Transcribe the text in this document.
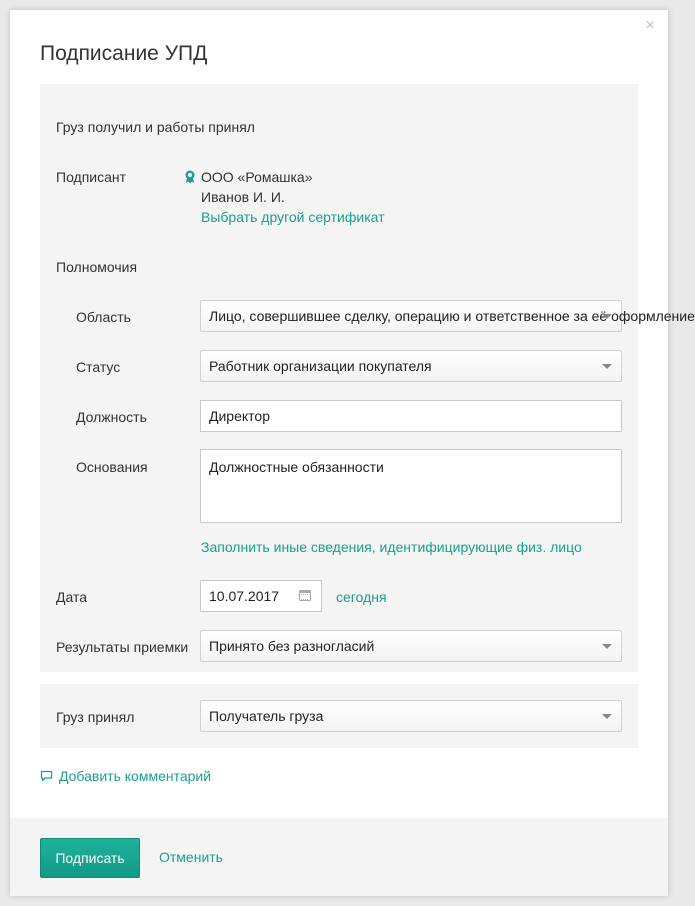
×
Подписание УПД
Груз получил и работы принял
Подписант	ООО «Ромашка»
Иванов И. И.
Выбрать другой сертификат
Полномочия
Область	Лицо, совершившее сделку, операцию и ответственное за её оформление
Статус	Работник организации покупателя
Должность	Директор
Основания	Должностные обязанности
Заполнить иные сведения, идентифицирующие физ. лицо
Дата	10.07.2017	сегодня
Результаты приемки	Принято без разногласий
Груз принял	Получатель груза
Добавить комментарий
Подписать	Отменить
